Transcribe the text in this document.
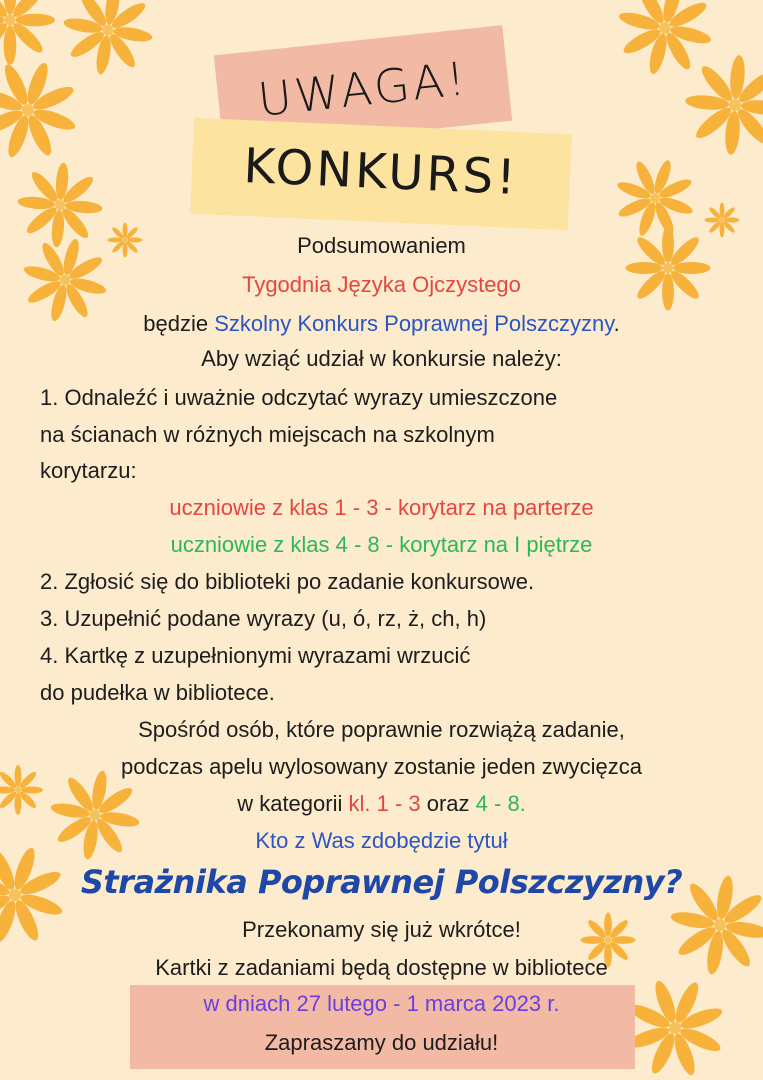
UWAGA!
KONKURS!
Podsumowaniem
Tygodnia Języka Ojczystego
będzie Szkolny Konkurs Poprawnej Polszczyzny.
Aby wziąć udział w konkursie należy:
1. Odnaleźć i uważnie odczytać wyrazy umieszczone
na ścianach w różnych miejscach na szkolnym
korytarzu:
uczniowie z klas 1 - 3 - korytarz na parterze
uczniowie z klas 4 - 8 - korytarz na I piętrze
2. Zgłosić się do biblioteki po zadanie konkursowe.
3. Uzupełnić podane wyrazy (u, ó, rz, ż, ch, h)
4. Kartkę z uzupełnionymi wyrazami wrzucić
do pudełka w bibliotece.
Spośród osób, które poprawnie rozwiążą zadanie,
podczas apelu wylosowany zostanie jeden zwycięzca
w kategorii kl. 1 - 3 oraz 4 - 8.
Kto z Was zdobędzie tytuł
Strażnika Poprawnej Polszczyzny?
Przekonamy się już wkrótce!
Kartki z zadaniami będą dostępne w bibliotece
w dniach 27 lutego - 1 marca 2023 r.
Zapraszamy do udziału!
